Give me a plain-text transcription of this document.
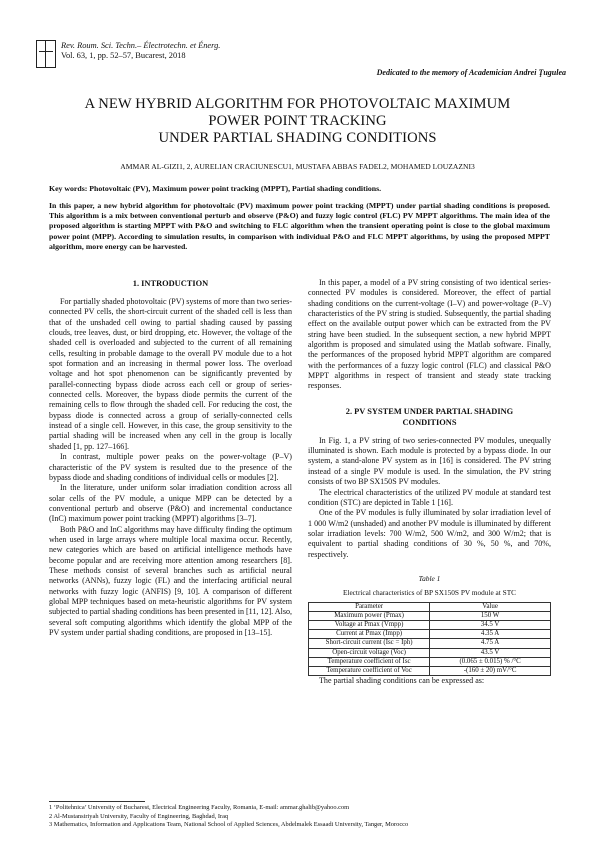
Rev. Roum. Sci. Techn.– Électrotechn. et Énerg.
Vol. 63, 1, pp. 52–57, Bucarest, 2018
Dedicated to the memory of Academician Andrei Ţugulea
A NEW HYBRID ALGORITHM FOR PHOTOVOLTAIC MAXIMUM
POWER POINT TRACKING
UNDER PARTIAL SHADING CONDITIONS
AMMAR AL-GIZI1, 2, AURELIAN CRACIUNESCU1, MUSTAFA ABBAS FADEL2, MOHAMED LOUZAZNI3
Key words: Photovoltaic (PV), Maximum power point tracking (MPPT), Partial shading conditions.
In this paper, a new hybrid algorithm for photovoltaic (PV) maximum power point tracking (MPPT) under partial shading conditions is proposed. This algorithm is a mix between conventional perturb and observe (P&O) and fuzzy logic control (FLC) PV MPPT algorithms. The main idea of the proposed algorithm is starting MPPT with P&O and switching to FLC algorithm when the transient operating point is close to the global maximum power point (MPP). According to simulation results, in comparison with individual P&O and FLC MPPT algorithms, by using the proposed MPPT algorithm, more energy can be harvested.
1. INTRODUCTION

For partially shaded photovoltaic (PV) systems of more than two series-connected PV cells, the short-circuit current of the shaded cell is less than that of the unshaded cell owing to partial shading caused by passing clouds, tree leaves, dust, or bird dropping, etc. However, the voltage of the shaded cell is overloaded and subjected to the current of all remaining cells, resulting in probable damage to the overall PV module due to a hot spot formation and an increasing in thermal power loss. The overload voltage and hot spot phenomenon can be significantly prevented by parallel-connecting bypass diode across each cell or group of series-connected cells. Moreover, the bypass diode permits the current of the remaining cells to flow through the shaded cell. For reducing the cost, the bypass diode is connected across a group of serially-connected cells instead of a single cell. However, in this case, the group sensitivity to the partial shading will be increased when any cell in the group is locally shaded [1, pp. 127–166].

In contrast, multiple power peaks on the power-voltage (P–V) characteristic of the PV system is resulted due to the presence of the bypass diode and shading conditions of individual cells or modules [2].

In the literature, under uniform solar irradiation condition across all solar cells of the PV module, a unique MPP can be detected by a conventional perturb and observe (P&O) and incremental conductance (InC) maximum power point tracking (MPPT) algorithms [3–7].

Both P&O and InC algorithms may have difficulty finding the optimum when used in large arrays where multiple local maxima occur. Recently, new categories which are based on artificial intelligence methods have become popular and are receiving more attention among researchers [8]. These methods consist of several branches such as artificial neural networks (ANNs), fuzzy logic (FL) and the interfacing artificial neural networks with fuzzy logic (ANFIS) [9, 10]. A comparison of different global MPP techniques based on meta-heuristic algorithms for PV system subjected to partial shading conditions has been presented in [11, 12]. Also, several soft computing algorithms which identify the global MPP of the PV system under partial shading conditions, are proposed in [13–15].

In this paper, a model of a PV string consisting of two identical series-connected PV modules is considered. Moreover, the effect of partial shading conditions on the current-voltage (I–V) and power-voltage (P–V) characteristics of the PV string is studied. Subsequently, the partial shading effect on the available output power which can be extracted from the PV string have been studied. In the subsequent section, a new hybrid MPPT algorithm is proposed and simulated using the Matlab software. Finally, the performances of the proposed hybrid MPPT algorithm are compared with the performances of a fuzzy logic control (FLC) and classical P&O MPPT algorithms in respect of transient and steady state tracking responses.

2. PV SYSTEM UNDER PARTIAL SHADING
CONDITIONS

In Fig. 1, a PV string of two series-connected PV modules, unequally illuminated is shown. Each module is protected by a bypass diode. In our system, a stand-alone PV system as in [16] is considered. The PV string instead of a single PV module is used. In the simulation, the PV string consists of two BP SX150S PV modules.

The electrical characteristics of the utilized PV module at standard test condition (STC) are depicted in Table 1 [16].

One of the PV modules is fully illuminated by solar irradiation level of 1 000 W/m2 (unshaded) and another PV module is illuminated by different solar irradiation levels: 700 W/m2, 500 W/m2, and 300 W/m2; that is equivalent to partial shading conditions of 30 %, 50 %, and 70%, respectively.

Table 1
Electrical characteristics of BP SX150S PV module at STC
Parameter	Value
Maximum power (Pmax)	150 W
Voltage at Pmax (Vmpp)	34.5 V
Current at Pmax (Impp)	4.35 A
Short-circuit current (Isc = Iph)	4.75 A
Open-circuit voltage (Voc)	43.5 V
Temperature coefficient of Isc	(0.065 ± 0.015) % /°C
Temperature coefficient of Voc	-(160 ± 20) mV/°C

The partial shading conditions can be expressed as:

1 ‘Politehnica’ University of Bucharest, Electrical Engineering Faculty, Romania, E-mail: ammar.ghalib@yahoo.com
2 Al-Mustansiriyah University, Faculty of Engineering, Baghdad, Iraq
3 Mathematics, Information and Applications Team, National School of Applied Sciences, Abdelmalek Essaadi University, Tanger, Morocco
